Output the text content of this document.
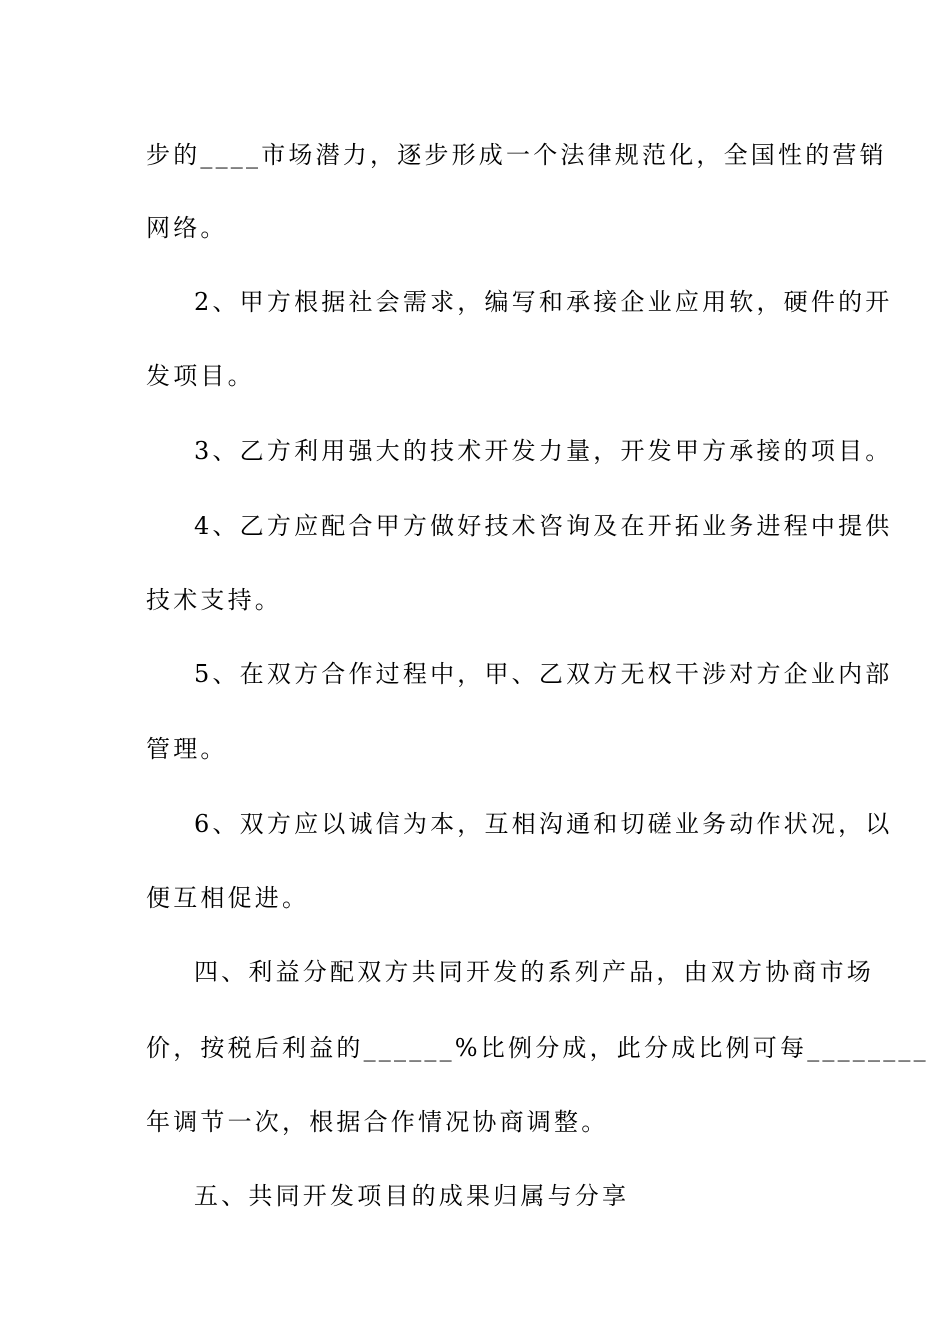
步的____市场潜力，逐步形成一个法律规范化，全国性的营销
网络。
2、甲方根据社会需求，编写和承接企业应用软，硬件的开
发项目。
3、乙方利用强大的技术开发力量，开发甲方承接的项目。
4、乙方应配合甲方做好技术咨询及在开拓业务进程中提供
技术支持。
5、在双方合作过程中，甲、乙双方无权干涉对方企业内部
管理。
6、双方应以诚信为本，互相沟通和切磋业务动作状况，以
便互相促进。
四、利益分配双方共同开发的系列产品，由双方协商市场
价，按税后利益的______%比例分成，此分成比例可每________
年调节一次，根据合作情况协商调整。
五、共同开发项目的成果归属与分享
